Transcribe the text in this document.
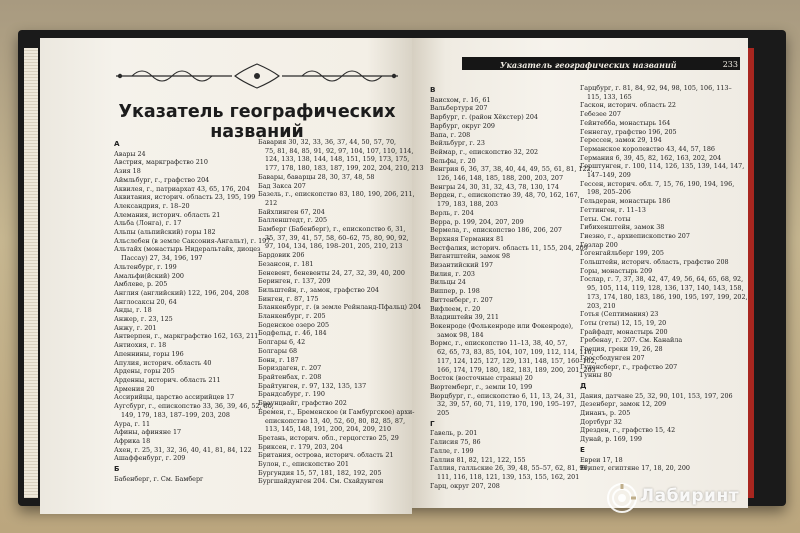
Указатель географических названий
Указатель географических названий	233
А
Авары 24
Австрия, маркграфство 210
Азия 18
Аймльбург, г., графство 204
Аквилея, г., патриархат 43, 65, 176, 204
Аквитания, историч. область 23, 195, 199
Александрия, г. 18–20
Алемания, историч. область 21
Альба (Лонга), г. 17
Альпы (альпийский) горы 182
Альслебен (в земле Саксония-Ангальт), г. 197
Альтайх (монастырь Нидеральтайх, диоцез
Пассау) 27, 34, 196, 197
Альтенбург, г. 199
Амальфи(йский) 200
Амблеве, р. 205
Англия (английский) 122, 196, 204, 208
Англосаксы 20, 64
Анды, г. 18
Анжер, г. 23, 125
Анжу, г. 201
Антверпен, г., маркграфство 162, 163, 211
Антиохия, г. 18
Апеннины, горы 196
Апулия, историч. область 40
Ардены, горы 205
Арденны, историч. область 211
Армения 20
Ассирийцы, царство ассирийцев 17
Аугсбург, г., епископство 33, 36, 39, 46, 52, 80,
149, 179, 183, 187–199, 203, 208
Аура, г. 11
Афины, афиняне 17
Африка 18
Ахен, г. 25, 31, 32, 36, 40, 41, 81, 84, 122
Ашаффенбург, г. 209
Б
Бабенберг, г. См. Бамберг
Бавария 30, 32, 33, 36, 37, 44, 50, 57, 70,
75, 81, 84, 85, 91, 92, 97, 104, 107, 110, 114,
124, 133, 138, 144, 148, 151, 159, 173, 175,
177, 178, 180, 183, 187, 199, 202, 204, 210, 213
Бавары, баварцы 28, 30, 37, 48, 58
Бад Закса 207
Базель, г., епископство 83, 180, 190, 206, 211,
212
Байхлинген 67, 204
Балленштедт, г. 205
Бамберг (Бабенберг), г., епископство 6, 31,
35, 37, 39, 41, 57, 58, 60–62, 75, 80, 90, 92,
97, 104, 134, 186, 198–201, 205, 210, 213
Бардовик 206
Безансон, г. 181
Беневент, беневенты 24, 27, 32, 39, 40, 200
Берингeн, г. 137, 209
Бильштейн, г., замок, графство 204
Бинген, г. 87, 175
Бланкенбург, г. (в земле Рейнланд-Пфальц) 204
Бланкенбург, г. 205
Боденское озеро 205
Бодфельд, г. 46, 184
Болгары 6, 42
Болгары 68
Бонн, г. 187
Бориздаген, г. 207
Брайтенбах, г. 208
Брайтунген, г. 97, 132, 135, 137
Брандсабург, г. 190
Браунцвайг, графство 202
Бремен, г., Бременское (и Гамбургское) архи-
епископство 13, 40, 52, 60, 80, 82, 85, 87,
113, 145, 148, 191, 200, 204, 209, 210
Бретань, историч. обл., герцогство 25, 29
Бриксен, г. 179, 203, 204
Британия, острова, историч. область 21
Булон, г., епископство 201
Бургундия 15, 57, 181, 182, 192, 205
Бургшайдунген 204. См. Схайдунген
В
Ваисхом, г. 16, 61
Вальбертуря 207
Варбург, г. (район Хёкстер) 204
Варбург, округ 209
Вапа, г. 208
Вейльбург, г. 23
Веймар, г., епископство 32, 202
Вельфы, г. 20
Венгрия 6, 36, 37, 38, 40, 44, 49, 55, 61, 81, 122,
126, 146, 148, 185, 188, 200, 203, 207
Венгры 24, 30, 31, 32, 43, 78, 130, 174
Верден, г., епископство 39, 48, 70, 162, 167,
179, 183, 188, 203
Верль, г. 204
Верра, р. 199, 204, 207, 209
Вермела, г., епископство 186, 206, 207
Верхняя Германия 81
Вестфалия, историч. область 11, 155, 204, 209
Вигантштейн, замок 98
Византийский 197
Вилия, г. 203
Вильцы 24
Виппер, р. 198
Виттенберг, г. 207
Вифлеем, г. 20
Владиштейн 39, 211
Вокенроде (Фолькенроде или Фокенроде),
замок 98, 184
Вормс, г., епископство 11–13, 38, 40, 57,
62, 65, 73, 83, 85, 104, 107, 109, 112, 114, 116,
117, 124, 125, 127, 129, 131, 148, 157, 160–162,
166, 174, 179, 180, 182, 183, 189, 200, 201, 203
Восток (восточные страны) 20
Вюртемберг, г., земли 10, 199
Вюрцбург, г., епископство 6, 11, 13, 24, 31,
32, 39, 57, 60, 71, 119, 170, 190, 195–197,
205
Г
Гавель, р. 201
Галисия 75, 86
Галле, г. 199
Галлия 81, 82, 121, 122, 155
Галлия, галльские 26, 39, 48, 55–57, 62, 81, 96,
111, 116, 118, 121, 139, 153, 155, 162, 201
Гарц, округ 207, 208
Гарцбург, г. 81, 84, 92, 94, 98, 105, 106, 113–
115, 133, 165
Гаскон, историч. область 22
Гебезее 207
Гейнтебба, монастырь 164
Геннегау, графство 196, 205
Герессен, замок 29, 194
Германское королевство 43, 44, 57, 186
Германия 6, 39, 45, 82, 162, 163, 202, 204
Герштунген, г. 100, 114, 126, 135, 139, 144, 147,
147–149, 209
Гессен, историч. обл. 7, 15, 76, 190, 194, 196,
198, 205–206
Гельдеран, монастырь 186
Геттинген, г. 11–13
Геты. См. готы
Гибихенштейн, замок 38
Гиезно, г., архиепископство 207
Гозлар 200
Гогенгайльберг 199, 205
Гольштейн, историч. область, графство 208
Горы, монастырь 209
Гослар, г. 7, 37, 38, 42, 47, 49, 56, 64, 65, 68, 92,
95, 105, 114, 119, 128, 136, 137, 140, 143, 158,
173, 174, 180, 183, 186, 190, 195, 197, 199, 202,
203, 210
Готья (Септимания) 23
Готы (геты) 12, 15, 19, 20
Грайфадт, монастырь 200
Гребенау, г. 207. См. Канайла
Греция, греки 19, 26, 28
Гроссбодунген 207
Гуденсберг, г., графство 207
Гунны 80
Д
Дания, датчане 25, 32, 90, 101, 153, 197, 206
Дезенберг, замок 12, 209
Динанъ, р. 205
Дортбург 32
Дрезден, г., графство 15, 42
Дунай, р. 169, 199
Е
Евреи 17, 18
Египет, египтяне 17, 18, 20, 200
Лабиринт
